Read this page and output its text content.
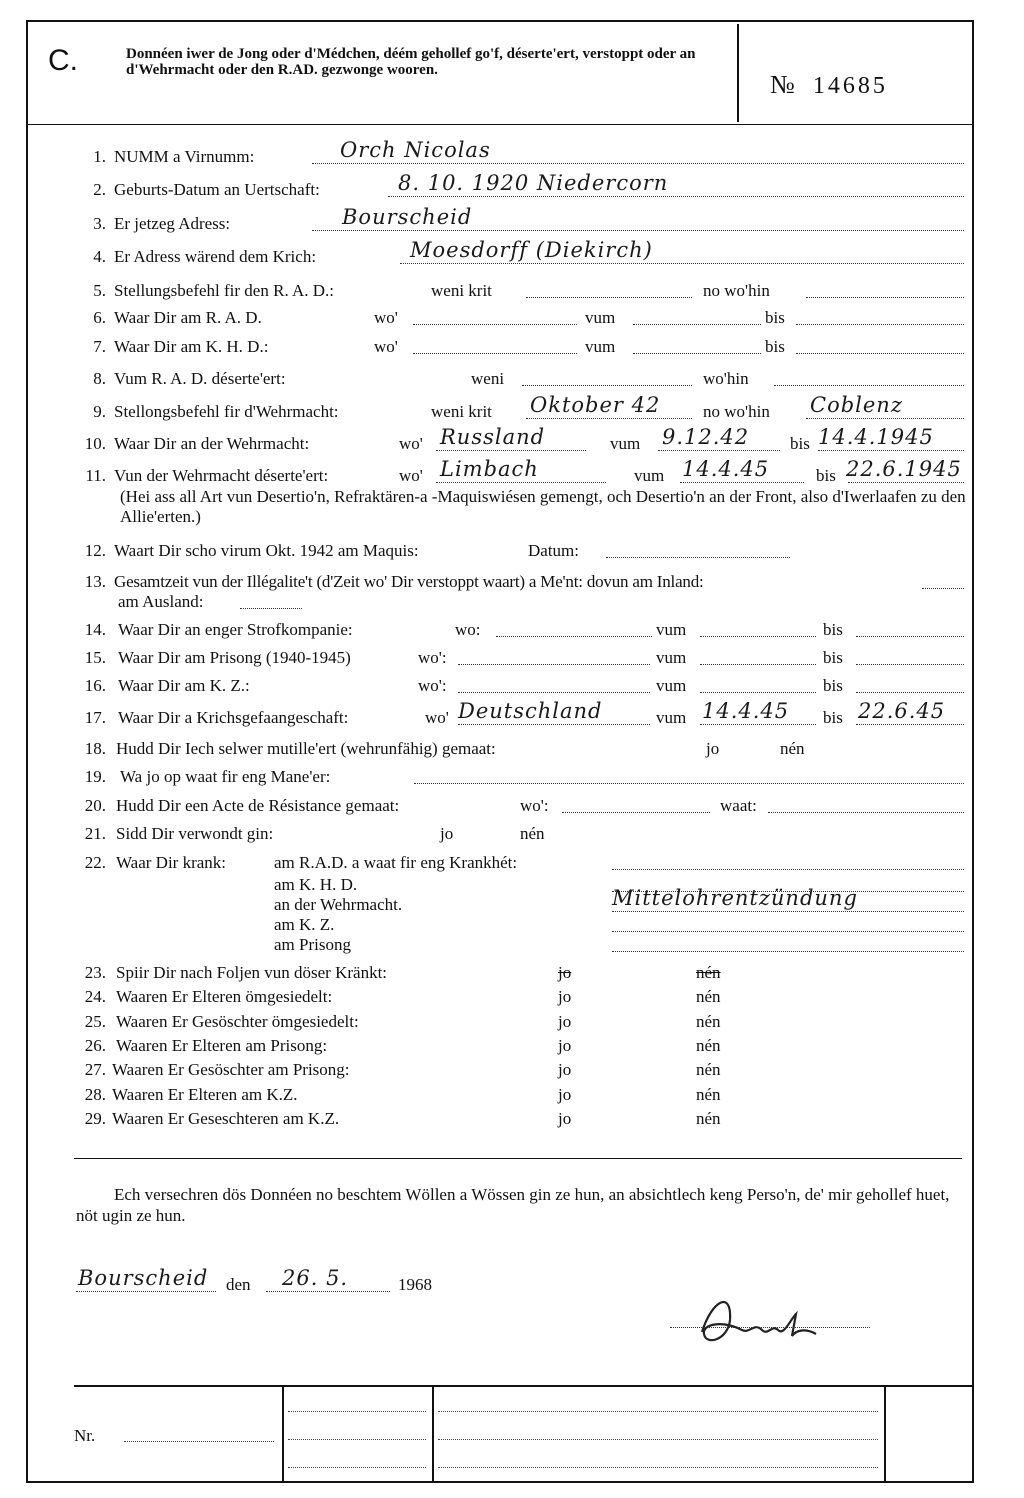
C.	Donnéen iwer de Jong oder d'Médchen, déém gehollef go'f, déserte'ert, verstoppt oder an d'Wehrmacht oder den R.AD. gezwonge wooren.	№ 14685
1. NUMM a Virnumm:	Orch Nicolas
2. Geburts-Datum an Uertschaft:	8. 10. 1920 Niedercorn
3. Er jetzeg Adress:	Bourscheid
4. Er Adress wärend dem Krich:	Moesdorff (Diekirch)
5. Stellungsbefehl fir den R. A. D.:	weni krit	no wo'hin
6. Waar Dir am R. A. D.	wo'	vum	bis
7. Waar Dir am K. H. D.:	wo'	vum	bis
8. Vum R. A. D. déserte'ert:	weni	wo'hin
9. Stellongsbefehl fir d'Wehrmacht:	weni krit Oktober 42	no wo'hin Coblenz
10. Waar Dir an der Wehrmacht:	wo' Russland	vum 9.12.42 bis 14.4.1945
11. Vun der Wehrmacht déserte'ert:	wo' Limbach	vum 14.4.45	bis 22.6.1945
(Hei ass all Art vun Desertio'n, Refraktären-a -Maquiswiésen gemengt, och Desertio'n an der Front, also d'Iwerlaafen zu den Allie'erten.)
12. Waart Dir scho virum Okt. 1942 am Maquis:	Datum:
13. Gesamtzeit vun der Illégalite't (d'Zeit wo' Dir verstoppt waart) a Me'nt: dovun am Inland:
am Ausland:
14. Waar Dir an enger Strofkompanie:	wo:	vum	bis
15. Waar Dir am Prisong (1940-1945)	wo':	vum	bis
16. Waar Dir am K. Z.:	wo':	vum	bis
17. Waar Dir a Krichsgefaangeschaft:	wo' Deutschland	vum 14.4.45 bis 22.6.45
18. Hudd Dir Iech selwer mutille'ert (wehrunfähig) gemaat:	jo	nén
19. Wa jo op waat fir eng Mane'er:
20. Hudd Dir een Acte de Résistance gemaat:	wo':	waat:
21. Sidd Dir verwondt gin:	jo	nén
22. Waar Dir krank:	am R.A.D. a waat fir eng Krankhét:
am K. H. D.
an der Wehrmacht.	Mittelohrentzündung
am K. Z.
am Prisong
23. Spiir Dir nach Foljen vun döser Kränkt:	jo	nén
24. Waaren Er Elteren ömgesiedelt:	jo	nén
25. Waaren Er Gesöschter ömgesiedelt:	jo	nén
26. Waaren Er Elteren am Prisong:	jo	nén
27. Waaren Er Gesöschter am Prisong:	jo	nén
28. Waaren Er Elteren am K.Z.	jo	nén
29. Waaren Er Geseschteren am K.Z.	jo	nén
Ech versechren dös Donnéen no beschtem Wöllen a Wössen gin ze hun, an absichtlech keng Perso'n, de' mir gehollef huet, nöt ugin ze hun.
Bourscheid den 26. 5.	1968
Nr.
